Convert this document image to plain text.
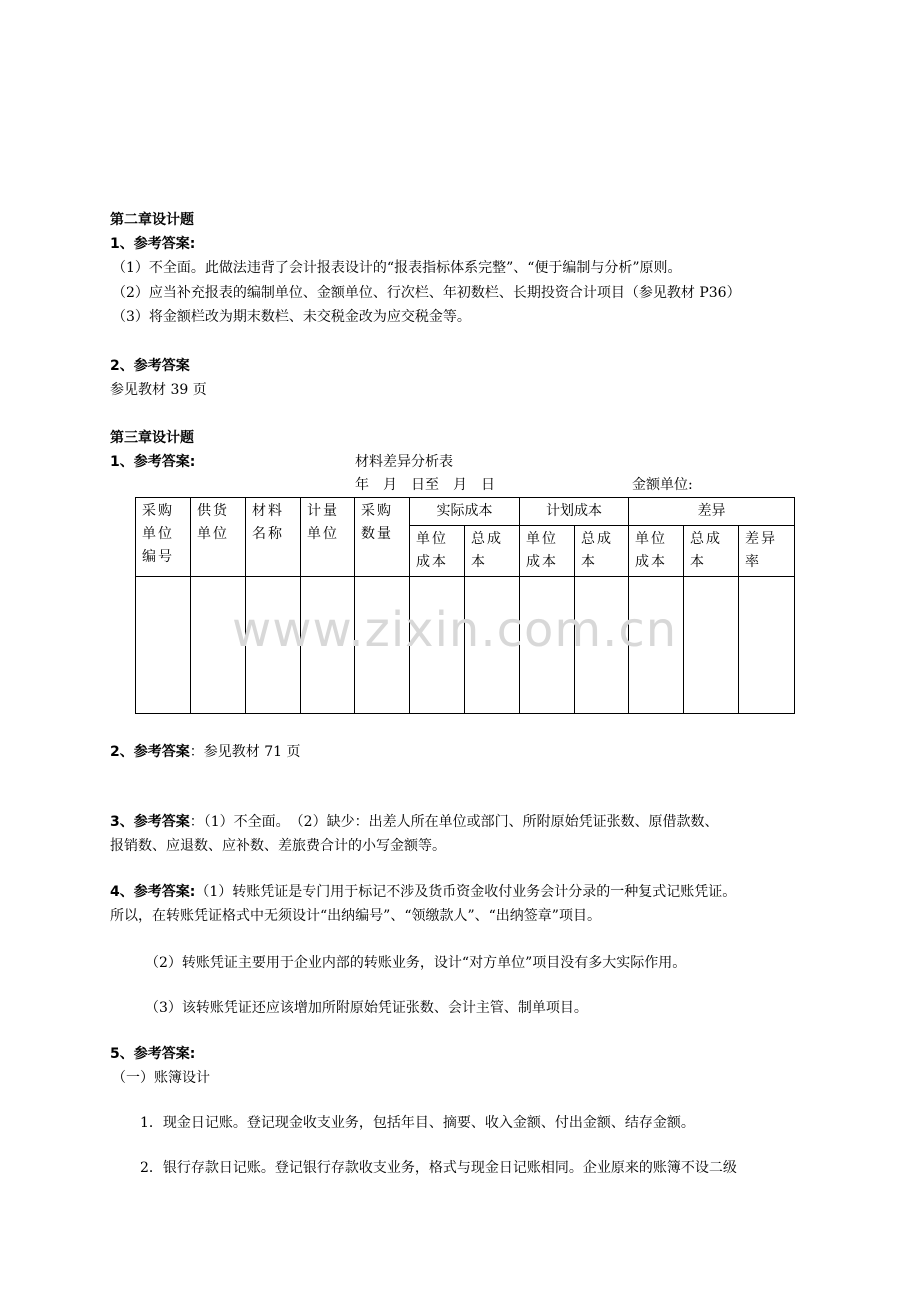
第二章设计题
1、参考答案:
（1）不全面。此做法违背了会计报表设计的“报表指标体系完整”、“便于编制与分析”原则。
（2）应当补充报表的编制单位、金额单位、行次栏、年初数栏、长期投资合计项目（参见教材 P36）
（3）将金额栏改为期末数栏、未交税金改为应交税金等。
2、参考答案
参见教材 39 页
第三章设计题
1、参考答案:	材料差异分析表
年　月　日至　月　日	金额单位:
采购单位编号	供货单位	材料名称	计量单位	采购数量	实际成本		计划成本		差异		
					单位成本	总成本	单位成本	总成本	单位成本	总成本	差异率

www.zixin.com.cn
2、参考答案：参见教材 71 页
3、参考答案：（1）不全面。　（2）缺少：出差人所在单位或部门、所附原始凭证张数、原借款数、
报销数、应退数、应补数、差旅费合计的小写金额等。
4、参考答案:（1）转账凭证是专门用于标记不涉及货币资金收付业务会计分录的一种复式记账凭证。
所以，在转账凭证格式中无须设计“出纳编号”、“领缴款人”、“出纳签章”项目。
（2）转账凭证主要用于企业内部的转账业务，设计“对方单位”项目没有多大实际作用。
（3）该转账凭证还应该增加所附原始凭证张数、会计主管、制单项目。
5、参考答案:
（一）账簿设计
1．现金日记账。登记现金收支业务，包括年目、摘要、收入金额、付出金额、结存金额。
2．银行存款日记账。登记银行存款收支业务，格式与现金日记账相同。企业原来的账簿不设二级
